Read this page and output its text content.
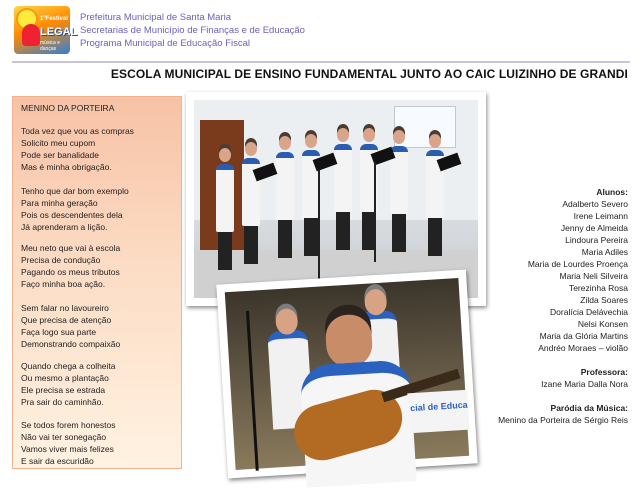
1ºFestival
LEGAL
música e danças
Prefeitura Municipal de Santa Maria
Secretarias de Município de Finanças e de Educação
Programa Municipal de Educação Fiscal
ESCOLA MUNICIPAL DE ENSINO FUNDAMENTAL JUNTO AO CAIC LUIZINHO DE GRANDI
MENINO DA PORTEIRA
Toda vez que vou as compras
Solicito meu cupom
Pode ser banalidade
Mas é minha obrigação.
Tenho que dar bom exemplo
Para minha geração
Pois os descendentes dela
Já aprenderam a lição.
Meu neto que vai à escola
Precisa de condução
Pagando os meus tributos
Faço minha boa ação.
Sem falar no lavoureiro
Que precisa de atenção
Faça logo sua parte
Demonstrando compaixão
Quando chega a colheita
Ou mesmo a plantação
Ele precisa se estrada
Pra sair do caminhão.
Se todos forem honestos
Não vai ter sonegação
Vamos viver mais felizes
E sair da escuridão
cial de Educa
Alunos:
Adalberto Severo
Irene Leimann
Jenny de Almeida
Lindoura Pereira
Maria Adiles
Maria de Lourdes Proença
Maria Neli Silveira
Terezinha Rosa
Zilda Soares
Doralícia Delávechia
Nelsi Konsen
Maria da Glória Martins
Andréo Moraes – violão
Professora:
Izane Maria Dalla Nora
Paródia da Música:
Menino da Porteira de Sérgio Reis
